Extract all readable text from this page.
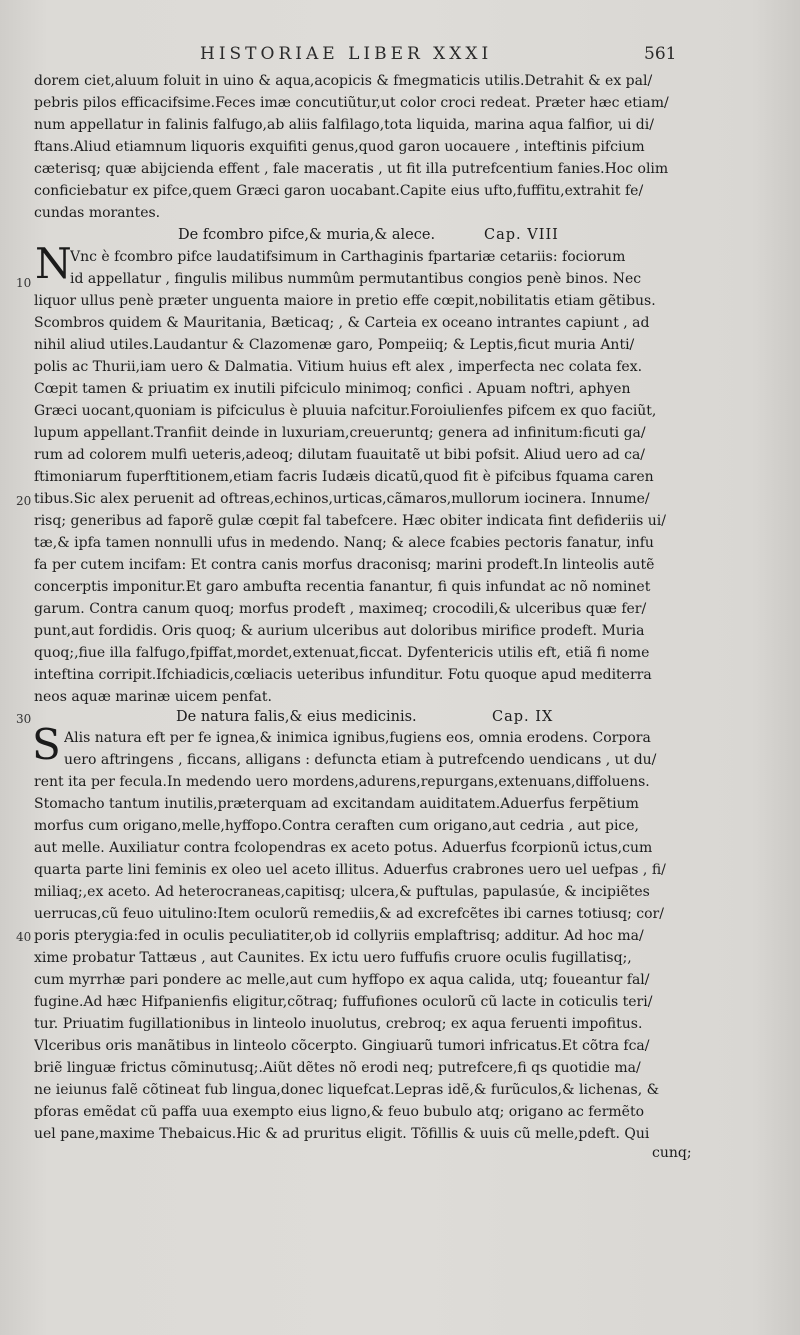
HISTORIAE LIBER XXXI	561
dorem ciet,aluum foluit in uino & aqua,acopicis & fmegmaticis utilis.Detrahit & ex pal/
pebris pilos efficacifsime.Feces imæ concutiũtur,ut color croci redeat. Præter hæc etiam/
num appellatur in falinis falfugo,ab aliis falfilago,tota liquida, marina aqua falfior, ui di/
ftans.Aliud etiamnum liquoris exquifiti genus,quod garon uocauere , inteftinis pifcium
cæterisq; quæ abijcienda effent , fale maceratis , ut fit illa putrefcentium fanies.Hoc olim
conficiebatur ex pifce,quem Græci garon uocabant.Capite eius ufto,fuffitu,extrahit fe/
cundas morantes.
De fcombro pifce,& muria,& alece.	Cap. VIII
N
Vnc è fcombro pifce laudatifsimum in Carthaginis fpartariæ cetariis: fociorum
id appellatur , fingulis milibus nummûm permutantibus congios penè binos. Nec
liquor ullus penè præter unguenta maiore in pretio effe cœpit,nobilitatis etiam gẽtibus.
Scombros quidem & Mauritania, Bæticaq; , & Carteia ex oceano intrantes capiunt , ad
nihil aliud utiles.Laudantur & Clazomenæ garo, Pompeiiq; & Leptis,ficut muria Anti/
polis ac Thurii,iam uero & Dalmatia. Vitium huius eft alex , imperfecta nec colata fex.
Cœpit tamen & priuatim ex inutili pifciculo minimoq; confici . Apuam noftri, aphyen
Græci uocant,quoniam is pifciculus è pluuia nafcitur.Foroiulienfes pifcem ex quo faciũt,
lupum appellant.Tranfiit deinde in luxuriam,creueruntq; genera ad infinitum:ficuti ga/
rum ad colorem mulfi ueteris,adeoq; dilutam fuauitatẽ ut bibi pofsit. Aliud uero ad ca/
ftimoniarum fuperftitionem,etiam facris Iudæis dicatũ,quod fit è pifcibus fquama caren
tibus.Sic alex peruenit ad oftreas,echinos,urticas,cãmaros,mullorum iocinera. Innume/
risq; generibus ad faporẽ gulæ cœpit fal tabefcere. Hæc obiter indicata fint defideriis ui/
tæ,& ipfa tamen nonnulli ufus in medendo. Nanq; & alece fcabies pectoris fanatur, infu
fa per cutem incifam: Et contra canis morfus draconisq; marini prodeft.In linteolis autẽ
concerptis imponitur.Et garo ambufta recentia fanantur, fi quis infundat ac nõ nominet
garum. Contra canum quoq; morfus prodeft , maximeq; crocodili,& ulceribus quæ fer/
punt,aut fordidis. Oris quoq; & aurium ulceribus aut doloribus mirifice prodeft. Muria
quoq;,fiue illa falfugo,fpiffat,mordet,extenuat,ficcat. Dyfentericis utilis eft, etiã fi nome
inteftina corripit.Ifchiadicis,cœliacis ueteribus infunditur. Fotu quoque apud mediterra
neos aquæ marinæ uicem penfat.
De natura falis,& eius medicinis.	Cap. IX
S Alis natura eft per fe ignea,& inimica ignibus,fugiens eos, omnia erodens. Corpora
uero aftringens , ficcans, alligans : defuncta etiam à putrefcendo uendicans , ut du/
rent ita per fecula.In medendo uero mordens,adurens,repurgans,extenuans,diffoluens.
Stomacho tantum inutilis,præterquam ad excitandam auiditatem.Aduerfus ferpẽtium
morfus cum origano,melle,hyffopo.Contra ceraften cum origano,aut cedria , aut pice,
aut melle. Auxiliatur contra fcolopendras ex aceto potus. Aduerfus fcorpionũ ictus,cum
quarta parte lini feminis ex oleo uel aceto illitus. Aduerfus crabrones uero uel uefpas , fi/
miliaq;,ex aceto. Ad heterocraneas,capitisq; ulcera,& puftulas, papulasúe, & incipiẽtes
uerrucas,cũ feuo uitulino:Item oculorũ remediis,& ad excrefcẽtes ibi carnes totiusq; cor/
poris pterygia:fed in oculis peculiatiter,ob id collyriis emplaftrisq; additur. Ad hoc ma/
xime probatur Tattæus , aut Caunites. Ex ictu uero fuffufis cruore oculis fugillatisq;,
cum myrrhæ pari pondere ac melle,aut cum hyffopo ex aqua calida, utq; foueantur fal/
fugine.Ad hæc Hifpanienfis eligitur,cõtraq; fuffufiones oculorũ cũ lacte in coticulis teri/
tur. Priuatim fugillationibus in linteolo inuolutus, crebroq; ex aqua feruenti impofitus.
Vlceribus oris manãtibus in linteolo cõcerpto. Gingiuarũ tumori infricatus.Et cõtra fca/
briẽ linguæ frictus cõminutusq;.Aiũt dẽtes nõ erodi neq; putrefcere,fi qs quotidie ma/
ne ieiunus falẽ cõtineat fub lingua,donec liquefcat.Lepras idẽ,& furũculos,& lichenas, &
pforas emẽdat cũ paffa uua exempto eius ligno,& feuo bubulo atq; origano ac fermẽto
uel pane,maxime Thebaicus.Hic & ad pruritus eligit. Tõfillis & uuis cũ melle,pdeft. Qui
cunq;
10
20
30
40
